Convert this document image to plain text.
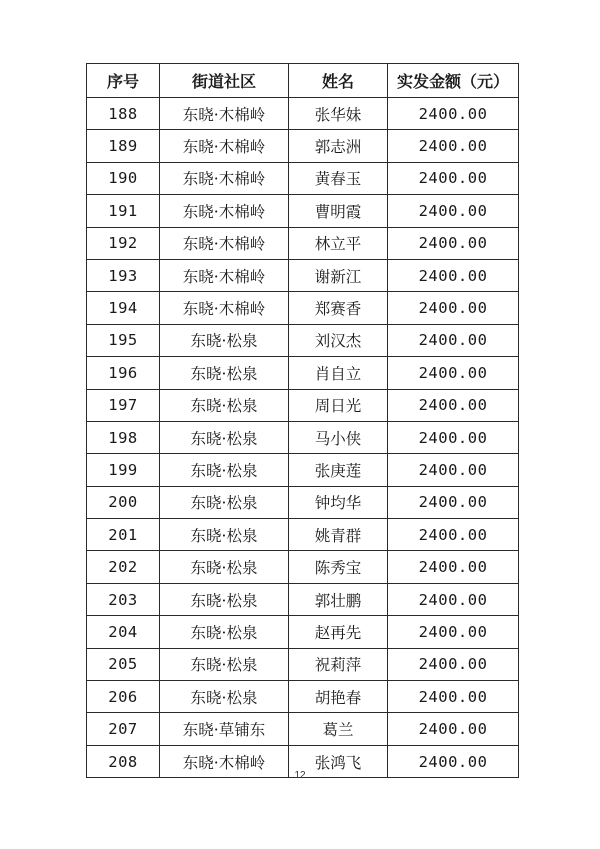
序号	街道社区	姓名	实发金额（元）
188	东晓·木棉岭	张华妹	2400.00
189	东晓·木棉岭	郭志洲	2400.00
190	东晓·木棉岭	黄春玉	2400.00
191	东晓·木棉岭	曹明霞	2400.00
192	东晓·木棉岭	林立平	2400.00
193	东晓·木棉岭	谢新江	2400.00
194	东晓·木棉岭	郑赛香	2400.00
195	东晓·松泉	刘汉杰	2400.00
196	东晓·松泉	肖自立	2400.00
197	东晓·松泉	周日光	2400.00
198	东晓·松泉	马小侠	2400.00
199	东晓·松泉	张庚莲	2400.00
200	东晓·松泉	钟均华	2400.00
201	东晓·松泉	姚青群	2400.00
202	东晓·松泉	陈秀宝	2400.00
203	东晓·松泉	郭壮鹏	2400.00
204	东晓·松泉	赵再先	2400.00
205	东晓·松泉	祝莉萍	2400.00
206	东晓·松泉	胡艳春	2400.00
207	东晓·草铺东	葛兰	2400.00
208	东晓·木棉岭	张鸿飞	2400.00
12
